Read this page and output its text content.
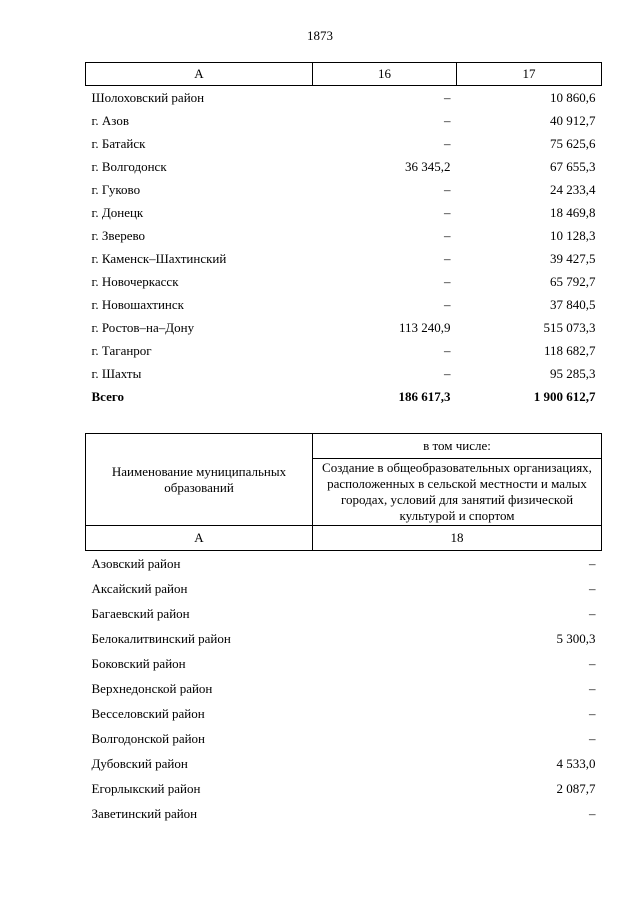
1873
А	16	17
Шолоховский район	–	10 860,6
г. Азов	–	40 912,7
г. Батайск	–	75 625,6
г. Волгодонск	36 345,2	67 655,3
г. Гуково	–	24 233,4
г. Донецк	–	18 469,8
г. Зверево	–	10 128,3
г. Каменск–Шахтинский	–	39 427,5
г. Новочеркасск	–	65 792,7
г. Новошахтинск	–	37 840,5
г. Ростов–на–Дону	113 240,9	515 073,3
г. Таганрог	–	118 682,7
г. Шахты	–	95 285,3
Всего	186 617,3	1 900 612,7
Наименование муниципальных образований	в том числе:
	Создание в общеобразовательных организациях, расположенных в сельской местности и малых городах, условий для занятий физической культурой и спортом
А	18
Азовский район	–
Аксайский район	–
Багаевский район	–
Белокалитвинский район	5 300,3
Боковский район	–
Верхнедонской район	–
Весселовский район	–
Волгодонской район	–
Дубовский район	4 533,0
Егорлыкский район	2 087,7
Заветинский район	–
